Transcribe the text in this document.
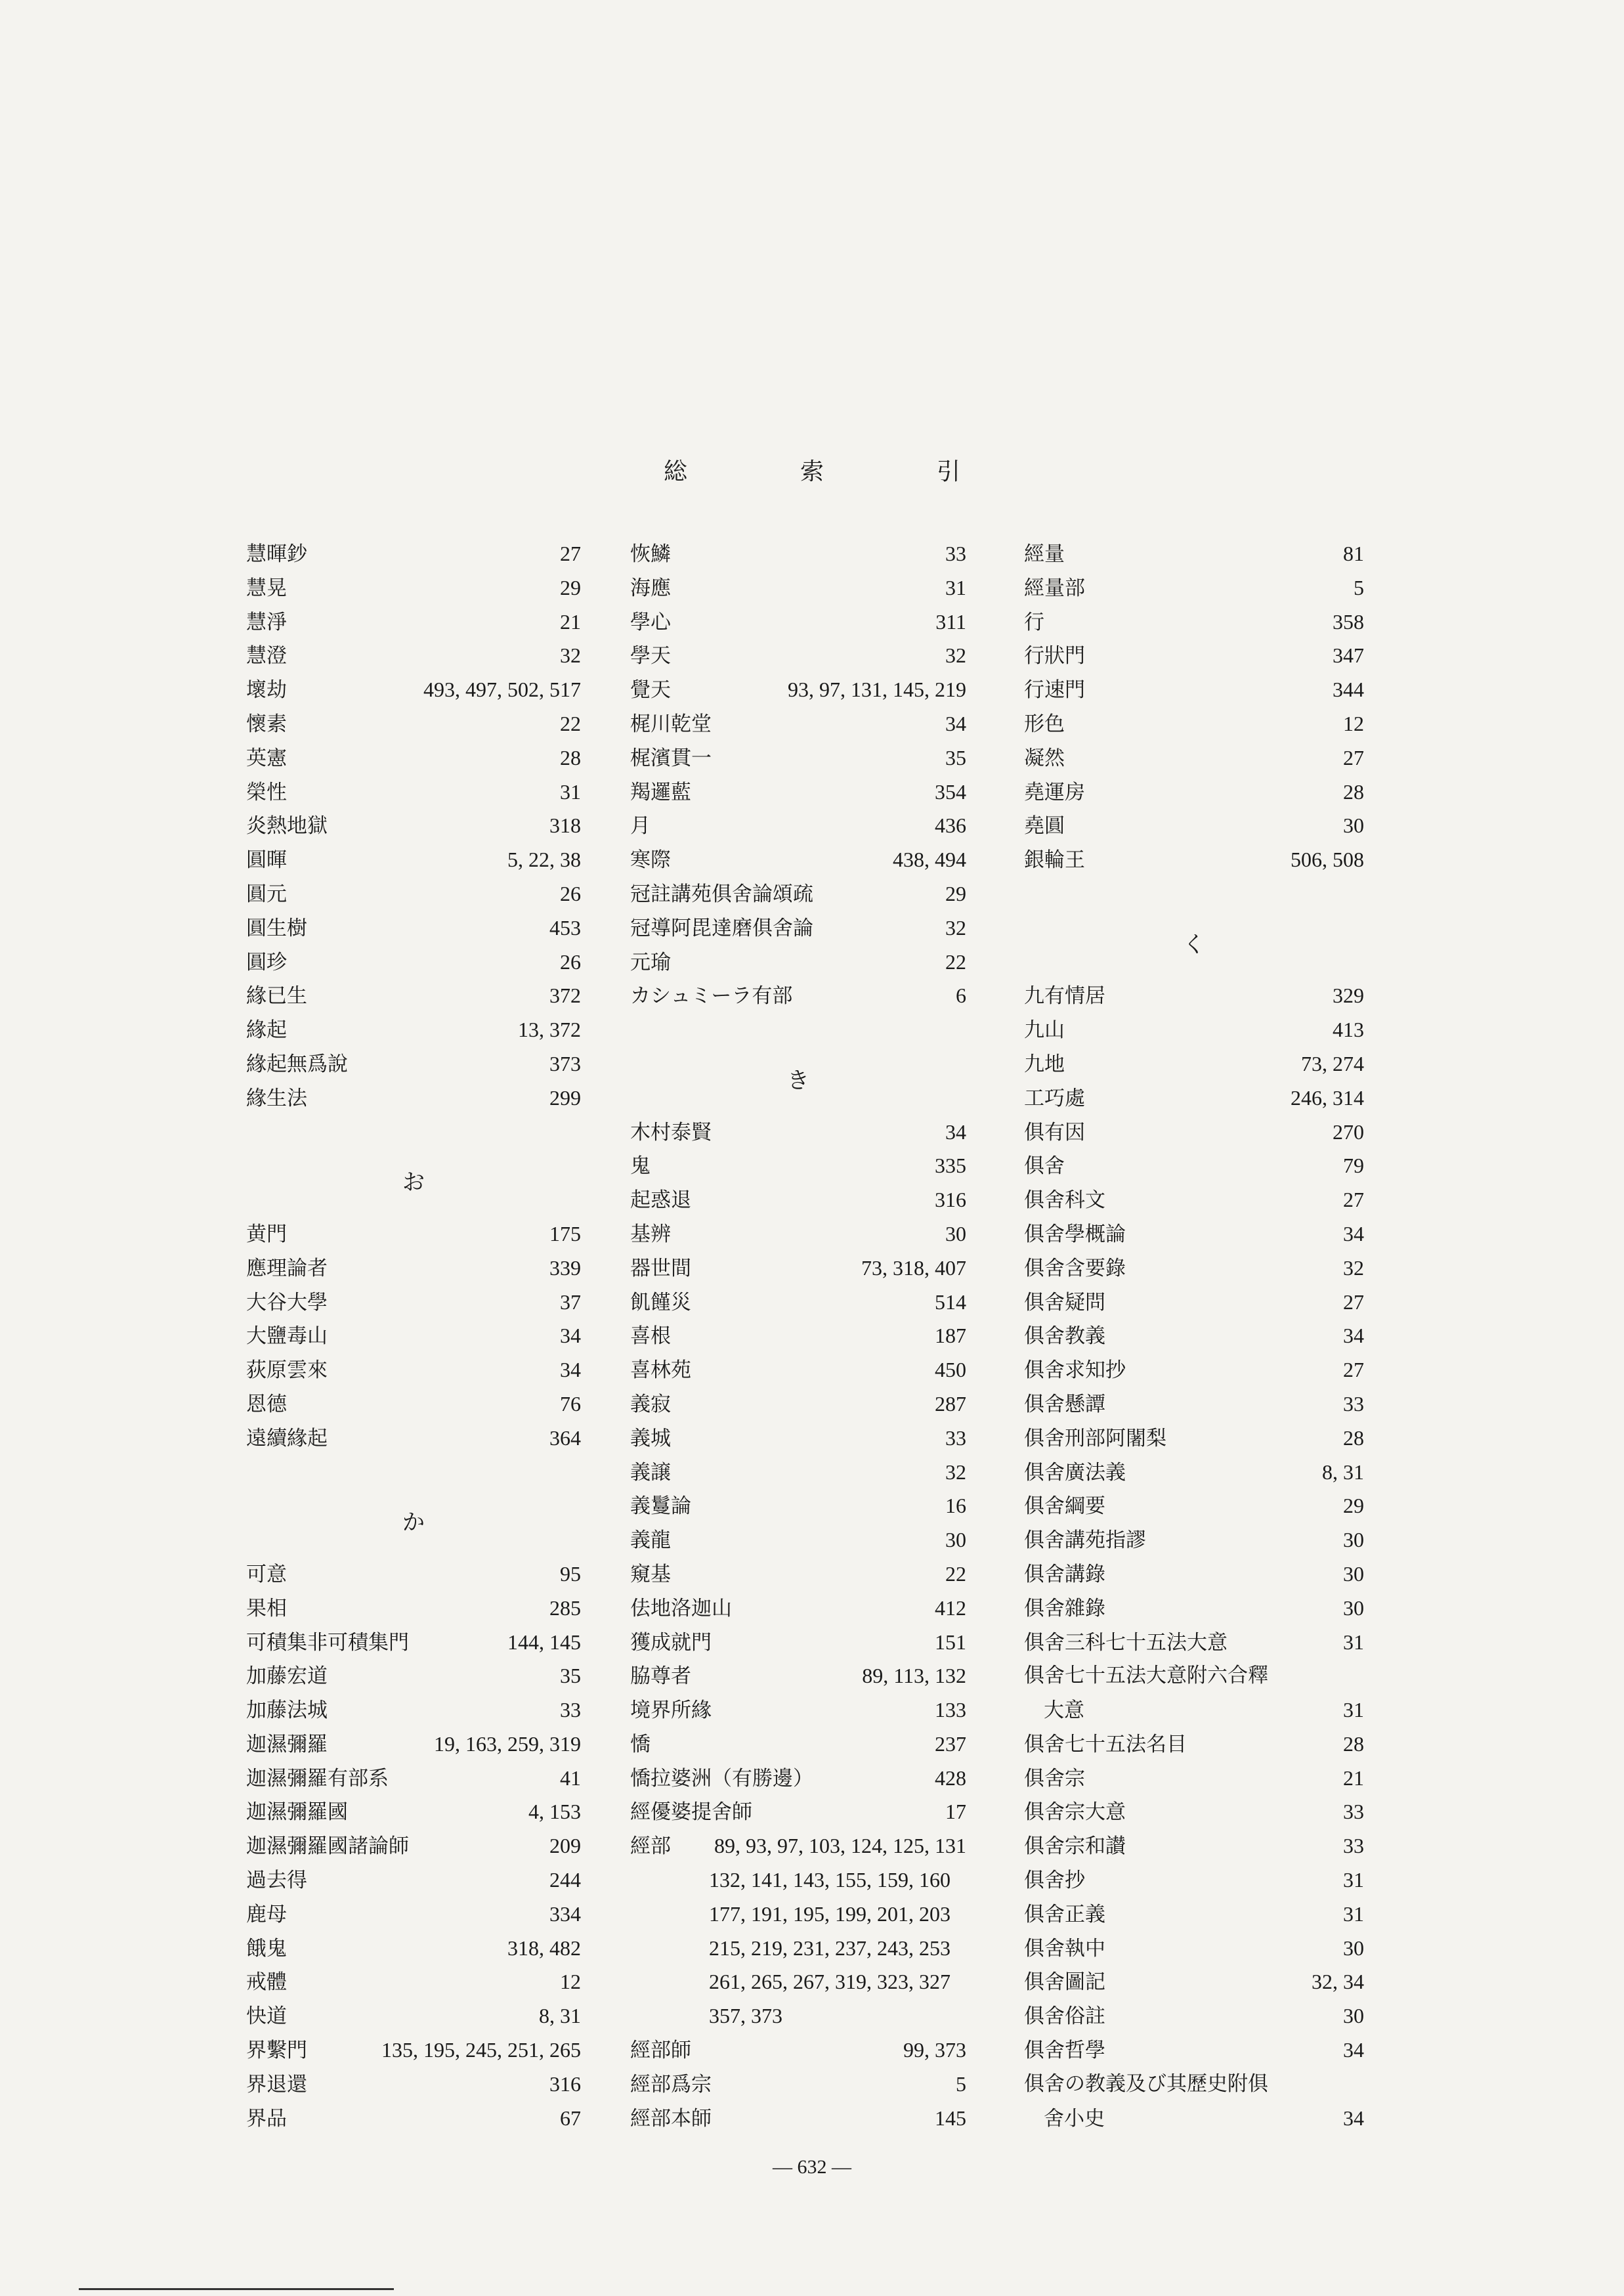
総　索　引
慧暉鈔	27
慧晃	29
慧淨	21
慧澄	32
壞劫	493, 497, 502, 517
懷素	22
英憲	28
榮性	31
炎熱地獄	318
圓暉	5, 22, 38
圓元	26
圓生樹	453
圓珍	26
緣已生	372
緣起	13, 372
緣起無爲說	373
緣生法	299
お
黄門	175
應理論者	339
大谷大學	37
大鹽毒山	34
荻原雲來	34
恩德	76
遠續緣起	364
か
可意	95
果相	285
可積集非可積集門	144, 145
加藤宏道	35
加藤法城	33
迦濕彌羅	19, 163, 259, 319
迦濕彌羅有部系	41
迦濕彌羅國	4, 153
迦濕彌羅國諸論師	209
過去得	244
鹿母	334
餓鬼	318, 482
戒體	12
快道	8, 31
界繫門	135, 195, 245, 251, 265
界退還	316
界品	67
恢鱗	33
海應	31
學心	311
學天	32
覺天	93, 97, 131, 145, 219
梶川乾堂	34
梶濱貫一	35
羯邏藍	354
月	436
寒際	438, 494
冠註講苑俱舍論頌疏	29
冠導阿毘達磨俱舍論	32
元瑜	22
カシュミーラ有部	6
き
木村泰賢	34
鬼	335
起惑退	316
基辨	30
器世間	73, 318, 407
飢饉災	514
喜根	187
喜林苑	450
義寂	287
義城	33
義譲	32
義鬘論	16
義龍	30
窺基	22
佉地洛迦山	412
獲成就門	151
脇尊者	89, 113, 132
境界所緣	133
憍	237
憍拉婆洲（有勝邊）	428
經優婆提舍師	17
經部 89, 93, 97, 103, 124, 125, 131
132, 141, 143, 155, 159, 160
177, 191, 195, 199, 201, 203
215, 219, 231, 237, 243, 253
261, 265, 267, 319, 323, 327
357, 373
經部師	99, 373
經部爲宗	5
經部本師	145
經量	81
經量部	5
行	358
行狀門	347
行速門	344
形色	12
凝然	27
堯運房	28
堯圓	30
銀輪王	506, 508
く
九有情居	329
九山	413
九地	73, 274
工巧處	246, 314
俱有因	270
俱舍	79
俱舍科文	27
俱舍學概論	34
俱舍含要錄	32
俱舍疑問	27
俱舍教義	34
俱舍求知抄	27
俱舍懸譚	33
俱舍刑部阿闍梨	28
俱舍廣法義	8, 31
俱舍綱要	29
俱舍講苑指謬	30
俱舍講錄	30
俱舍雜錄	30
俱舍三科七十五法大意	31
俱舍七十五法大意附六合釋
大意	31
俱舍七十五法名目	28
俱舍宗	21
俱舍宗大意	33
俱舍宗和讃	33
俱舍抄	31
俱舍正義	31
俱舍執中	30
俱舍圖記	32, 34
俱舍俗註	30
俱舍哲學	34
俱舍の教義及び其歷史附俱
舍小史	34
— 632 —
